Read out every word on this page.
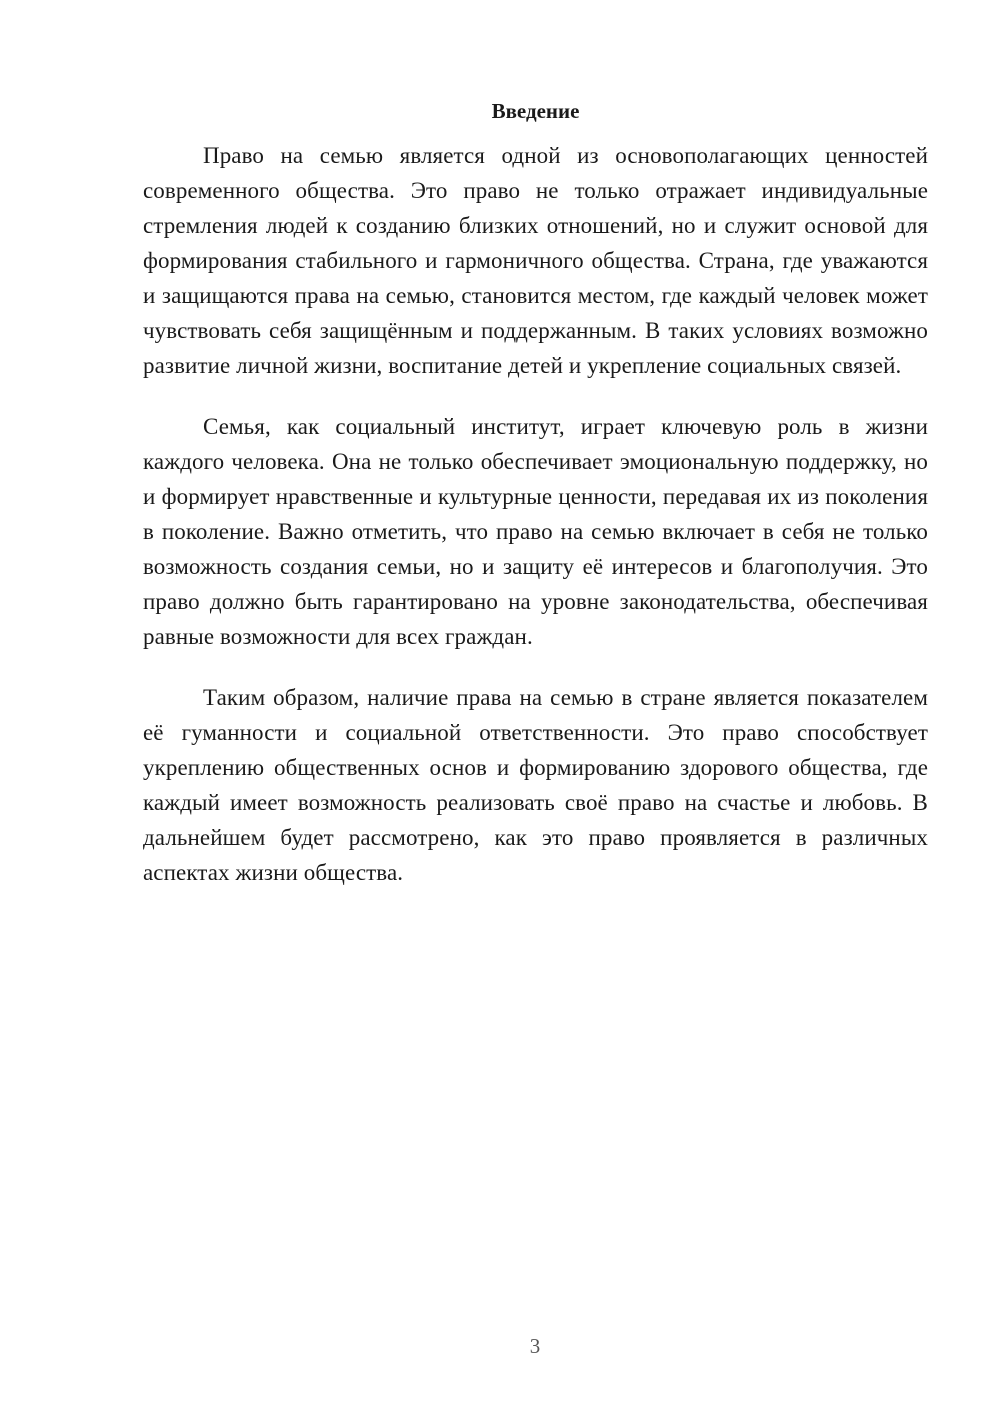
Введение

Право на семью является одной из основополагающих ценностей современного общества. Это право не только отражает индивидуальные стремления людей к созданию близких отношений, но и служит основой для формирования стабильного и гармоничного общества. Страна, где уважаются и защищаются права на семью, становится местом, где каждый человек может чувствовать себя защищённым и поддержанным. В таких условиях возможно развитие личной жизни, воспитание детей и укрепление социальных связей.

Семья, как социальный институт, играет ключевую роль в жизни каждого человека. Она не только обеспечивает эмоциональную поддержку, но и формирует нравственные и культурные ценности, передавая их из поколения в поколение. Важно отметить, что право на семью включает в себя не только возможность создания семьи, но и защиту её интересов и благополучия. Это право должно быть гарантировано на уровне законодательства, обеспечивая равные возможности для всех граждан.

Таким образом, наличие права на семью в стране является показателем её гуманности и социальной ответственности. Это право способствует укреплению общественных основ и формированию здорового общества, где каждый имеет возможность реализовать своё право на счастье и любовь. В дальнейшем будет рассмотрено, как это право проявляется в различных аспектах жизни общества.

3
